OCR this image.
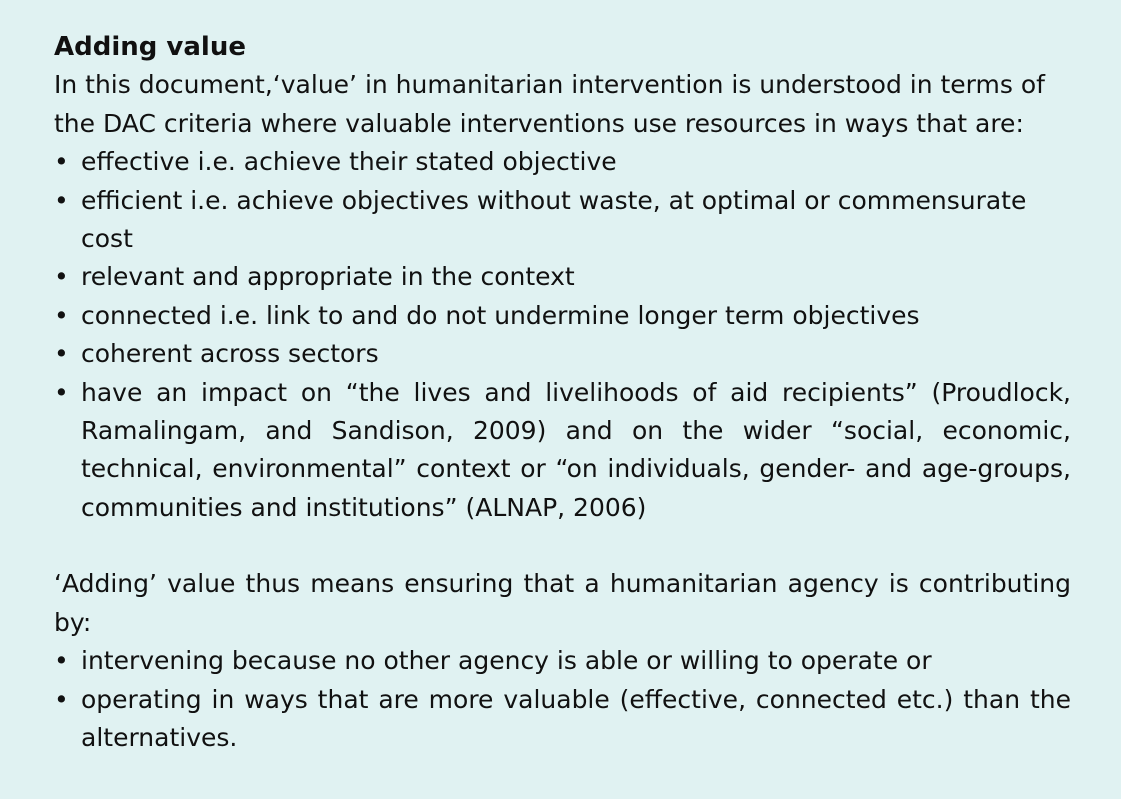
Adding value

In this document,‘value’ in humanitarian intervention is understood in terms of the DAC criteria where valuable interventions use resources in ways that are:

• effective i.e. achieve their stated objective
• efficient i.e. achieve objectives without waste, at optimal or commensurate cost
• relevant and appropriate in the context
• connected i.e. link to and do not undermine longer term objectives
• coherent across sectors
• have an impact on “the lives and livelihoods of aid recipients” (Proudlock, Ramalingam, and Sandison, 2009) and on the wider “social, economic, technical, environmental” context or “on individuals, gender- and age-groups, communities and institutions” (ALNAP, 2006)

‘Adding’ value thus means ensuring that a humanitarian agency is contributing by:

• intervening because no other agency is able or willing to operate or
• operating in ways that are more valuable (effective, connected etc.) than the alternatives.
